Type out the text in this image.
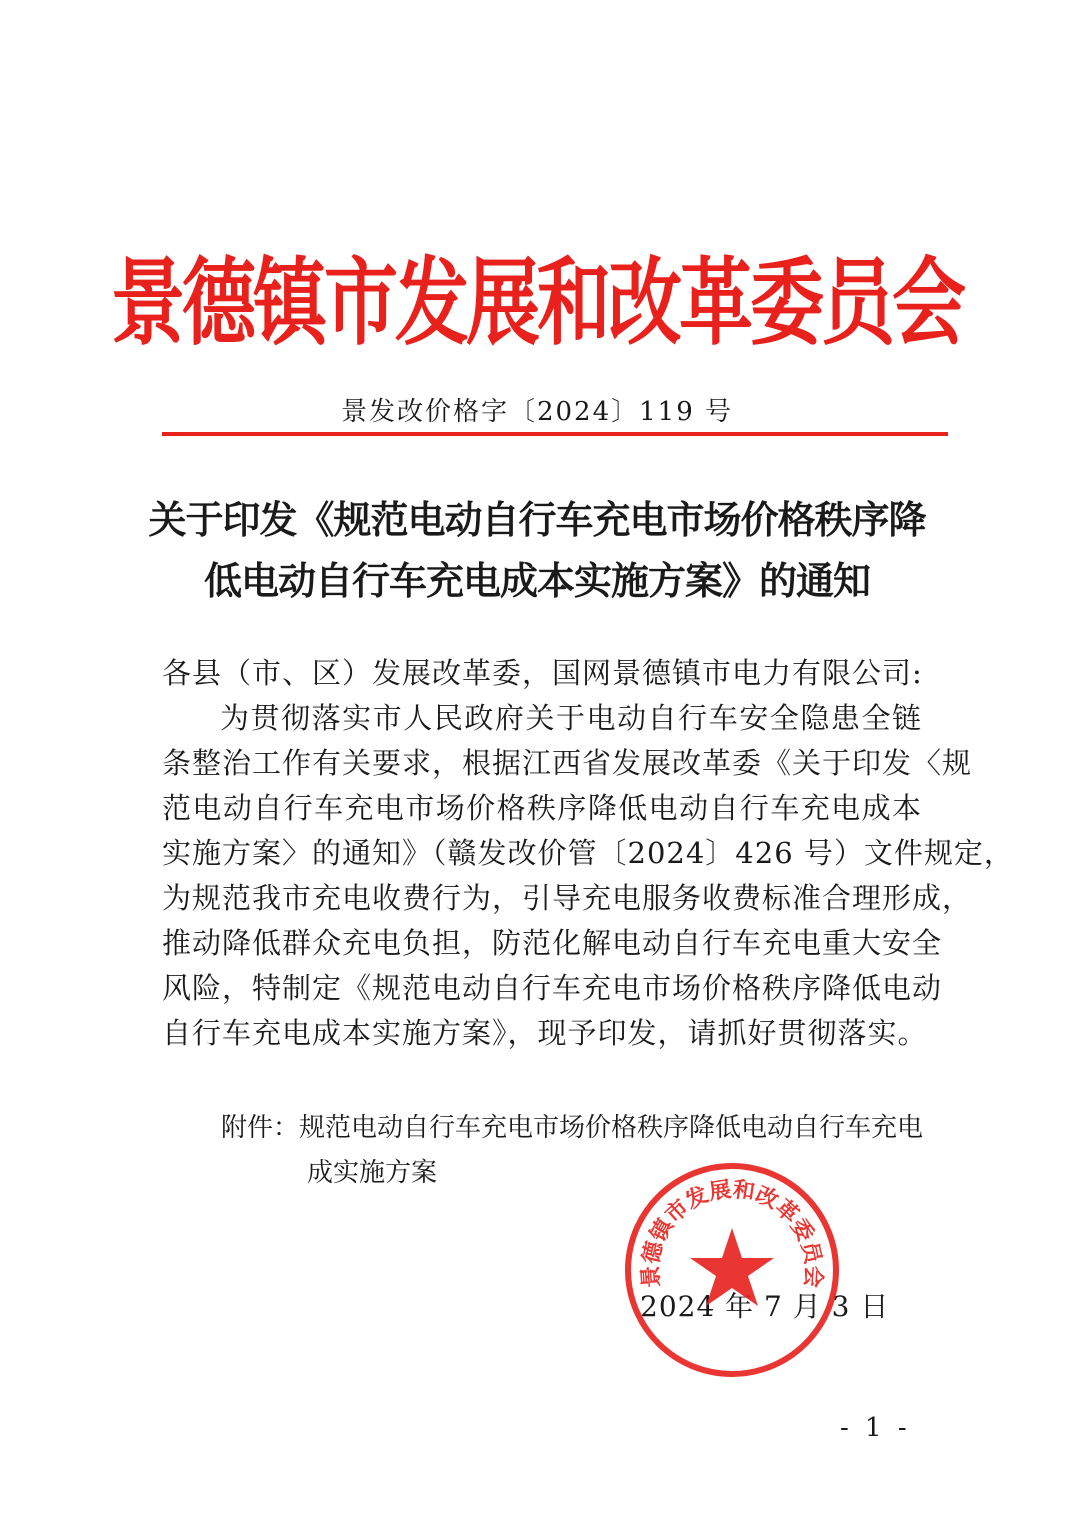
景德镇市发展和改革委员会
景发改价格字〔2024〕119 号
关于印发《规范电动自行车充电市场价格秩序降
低电动自行车充电成本实施方案》的通知
各县（市、区）发展改革委，国网景德镇市电力有限公司:
为贯彻落实市人民政府关于电动自行车安全隐患全链
条整治工作有关要求，根据江西省发展改革委《关于印发〈规
范电动自行车充电市场价格秩序降低电动自行车充电成本
实施方案〉的通知》（赣发改价管〔2024〕426 号）文件规定，
为规范我市充电收费行为，引导充电服务收费标准合理形成，
推动降低群众充电负担，防范化解电动自行车充电重大安全
风险，特制定《规范电动自行车充电市场价格秩序降低电动
自行车充电成本实施方案》，现予印发，请抓好贯彻落实。
附件：规范电动自行车充电市场价格秩序降低电动自行车充电
成实施方案
2024 年 7 月 3 日
景德镇市发展和改革委员会
- 1 -
